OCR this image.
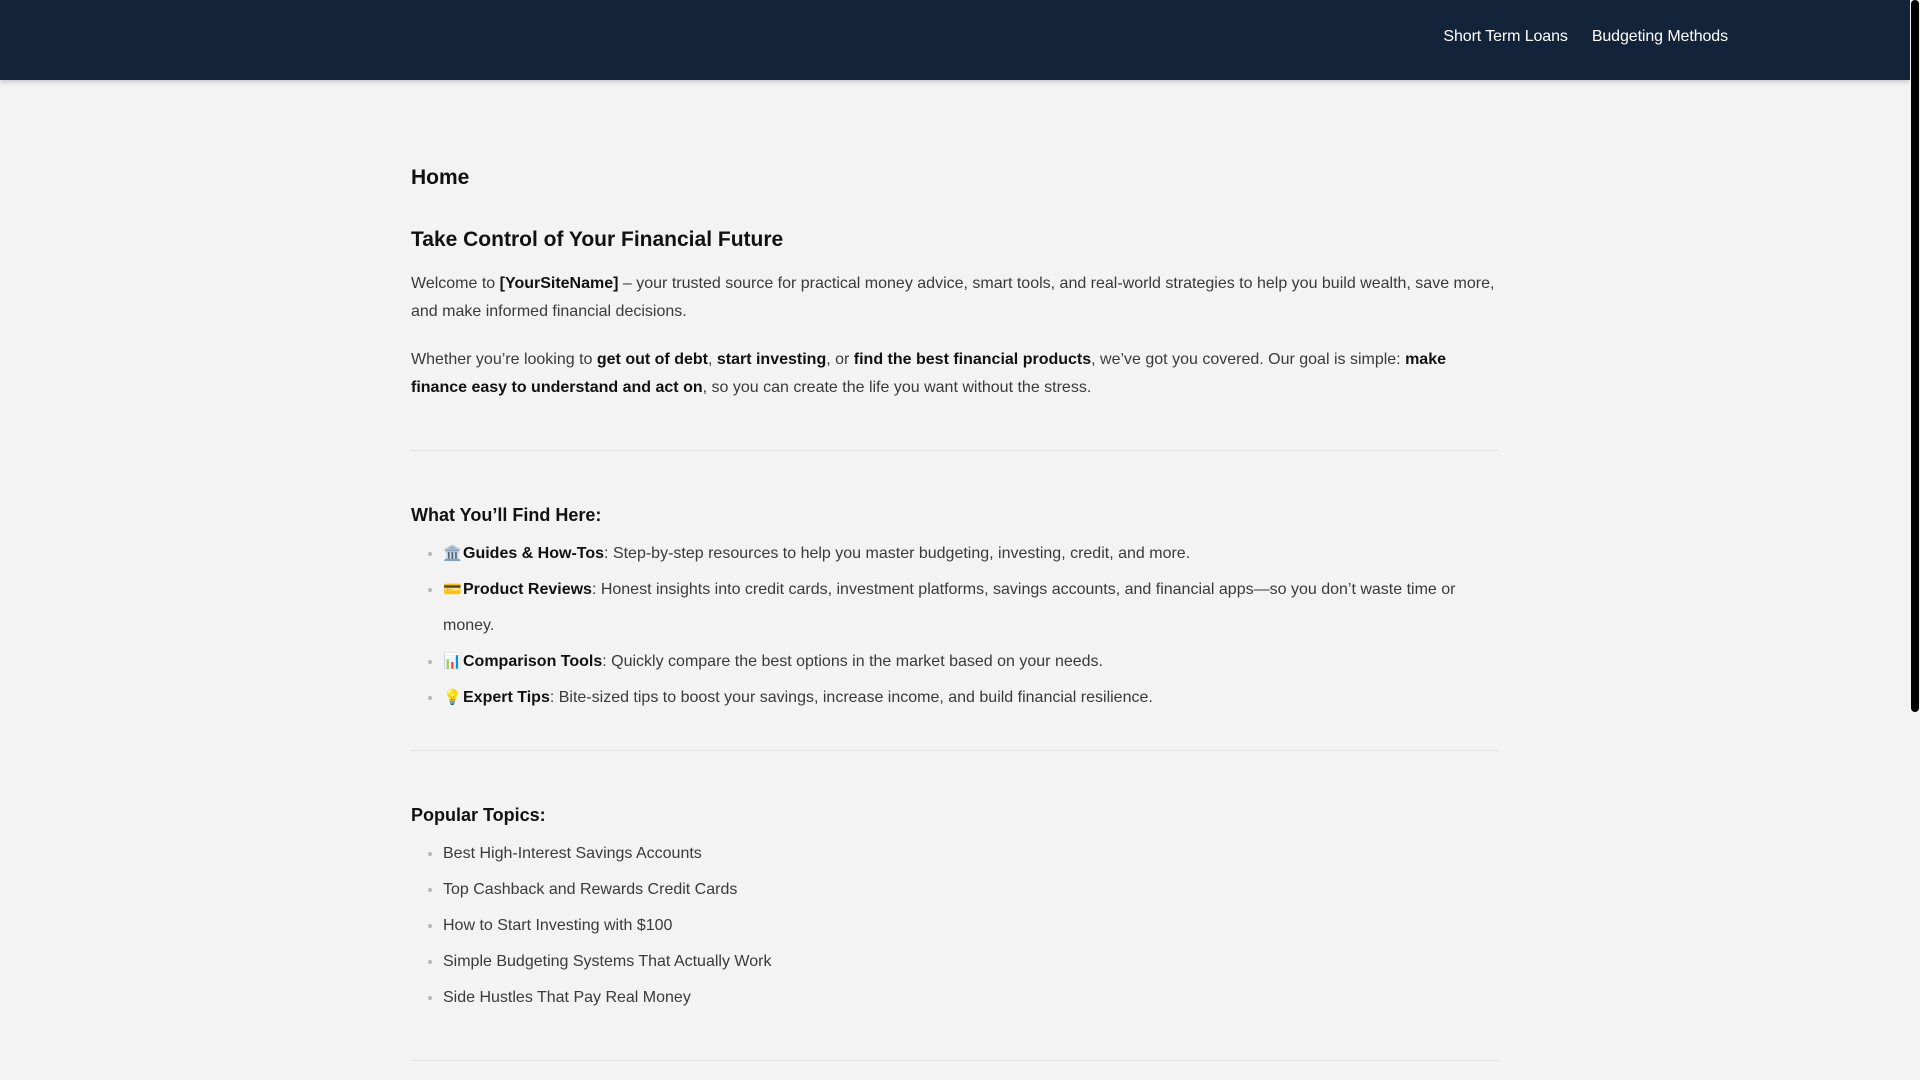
Short Term Loans Budgeting Methods
Home
Take Control of Your Financial Future

Welcome to [YourSiteName] – your trusted source for practical money advice, smart tools, and real-world strategies to help you build wealth, save more, and make informed financial decisions.

Whether you’re looking to get out of debt, start investing, or find the best financial products, we’ve got you covered. Our goal is simple: make finance easy to understand and act on, so you can create the life you want without the stress.

What You’ll Find Here:
• 🏛️Guides & How-Tos: Step-by-step resources to help you master budgeting, investing, credit, and more.
• 💳Product Reviews: Honest insights into credit cards, investment platforms, savings accounts, and financial apps—so you don’t waste time or money.
• 📊Comparison Tools: Quickly compare the best options in the market based on your needs.
• 💡Expert Tips: Bite-sized tips to boost your savings, increase income, and build financial resilience.
Popular Topics:
• Best High-Interest Savings Accounts
• Top Cashback and Rewards Credit Cards
• How to Start Investing with $100
• Simple Budgeting Systems That Actually Work
• Side Hustles That Pay Real Money
